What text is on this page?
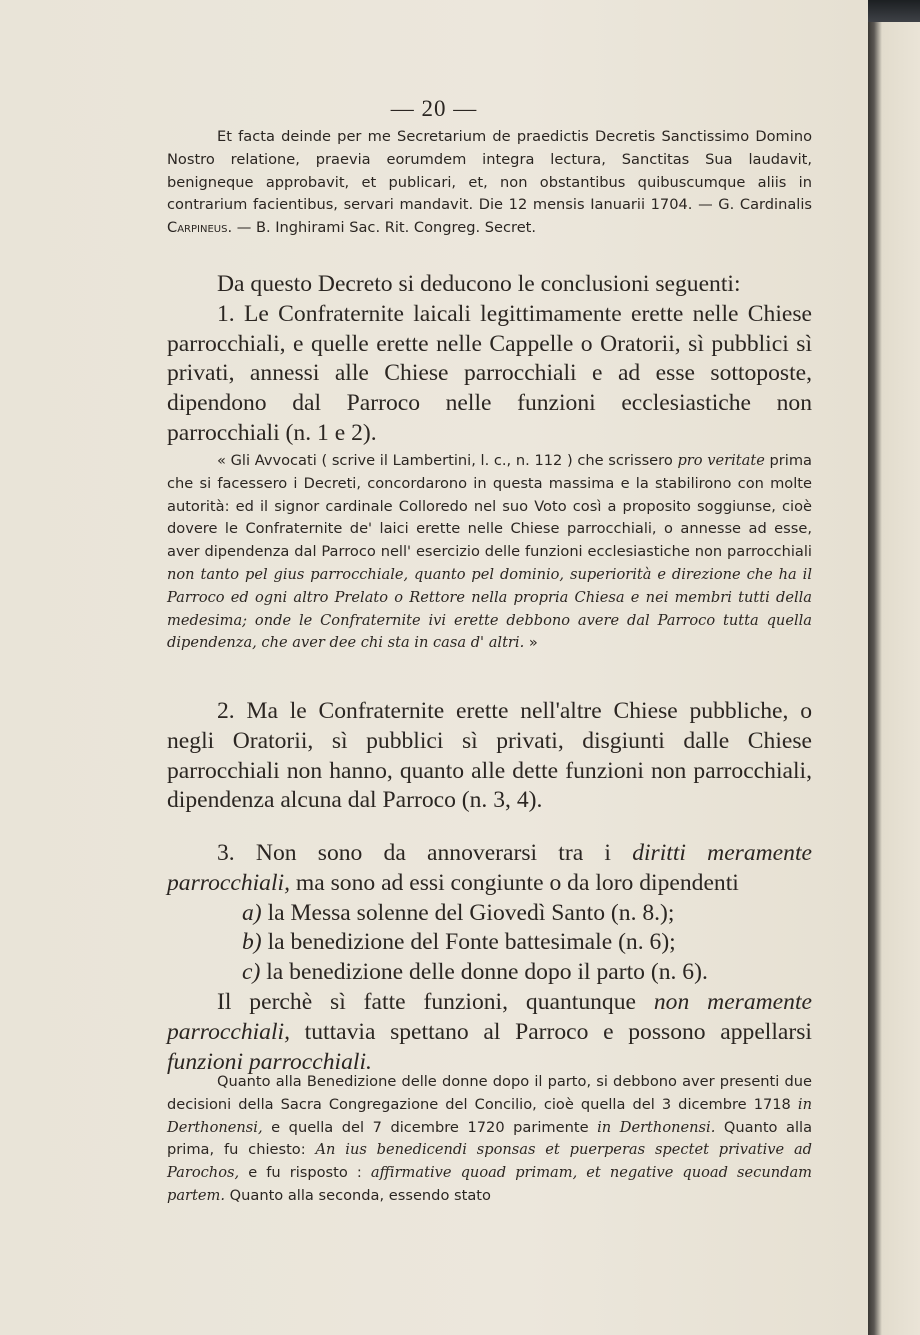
— 20 —

Et facta deinde per me Secretarium de praedictis Decretis Sanctissimo Domino Nostro relatione, praevia eorumdem integra lectura, Sanctitas Sua laudavit, benigneque approbavit, et publicari, et, non obstantibus quibuscumque aliis in contrarium facientibus, servari mandavit. Die 12 mensis Ianuarii 1704. — G. Cardinalis Carpineus. — B. Inghirami Sac. Rit. Congreg. Secret.

Da questo Decreto si deducono le conclusioni seguenti:

1. Le Confraternite laicali legittimamente erette nelle Chiese parrocchiali, e quelle erette nelle Cappelle o Oratorii, sì pubblici sì privati, annessi alle Chiese parrocchiali e ad esse sottoposte, dipendono dal Parroco nelle funzioni ecclesiastiche non parrocchiali (n. 1 e 2).

« Gli Avvocati ( scrive il Lambertini, l. c., n. 112 ) che scrissero pro veritate prima che si facessero i Decreti, concordarono in questa massima e la stabilirono con molte autorità: ed il signor cardinale Colloredo nel suo Voto così a proposito soggiunse, cioè dovere le Confraternite de' laici erette nelle Chiese parrocchiali, o annesse ad esse, aver dipendenza dal Parroco nell' esercizio delle funzioni ecclesiastiche non parrocchiali non tanto pel gius parrocchiale, quanto pel dominio, superiorità e direzione che ha il Parroco ed ogni altro Prelato o Rettore nella propria Chiesa e nei membri tutti della medesima; onde le Confraternite ivi erette debbono avere dal Parroco tutta quella dipendenza, che aver dee chi sta in casa d' altri. »

2. Ma le Confraternite erette nell'altre Chiese pubbliche, o negli Oratorii, sì pubblici sì privati, disgiunti dalle Chiese parrocchiali non hanno, quanto alle dette funzioni non parrocchiali, dipendenza alcuna dal Parroco (n. 3, 4).

3. Non sono da annoverarsi tra i diritti meramente parrocchiali, ma sono ad essi congiunte o da loro dipendenti

a) la Messa solenne del Giovedì Santo (n. 8.);

b) la benedizione del Fonte battesimale (n. 6);

c) la benedizione delle donne dopo il parto (n. 6).

Il perchè sì fatte funzioni, quantunque non meramente parrocchiali, tuttavia spettano al Parroco e possono appellarsi funzioni parrocchiali.

Quanto alla Benedizione delle donne dopo il parto, si debbono aver presenti due decisioni della Sacra Congregazione del Concilio, cioè quella del 3 dicembre 1718 in Derthonensi, e quella del 7 dicembre 1720 parimente in Derthonensi. Quanto alla prima, fu chiesto: An ius benedicendi sponsas et puerperas spectet privative ad Parochos, e fu risposto : affirmative quoad primam, et negative quoad secundam partem. Quanto alla seconda, essendo stato
